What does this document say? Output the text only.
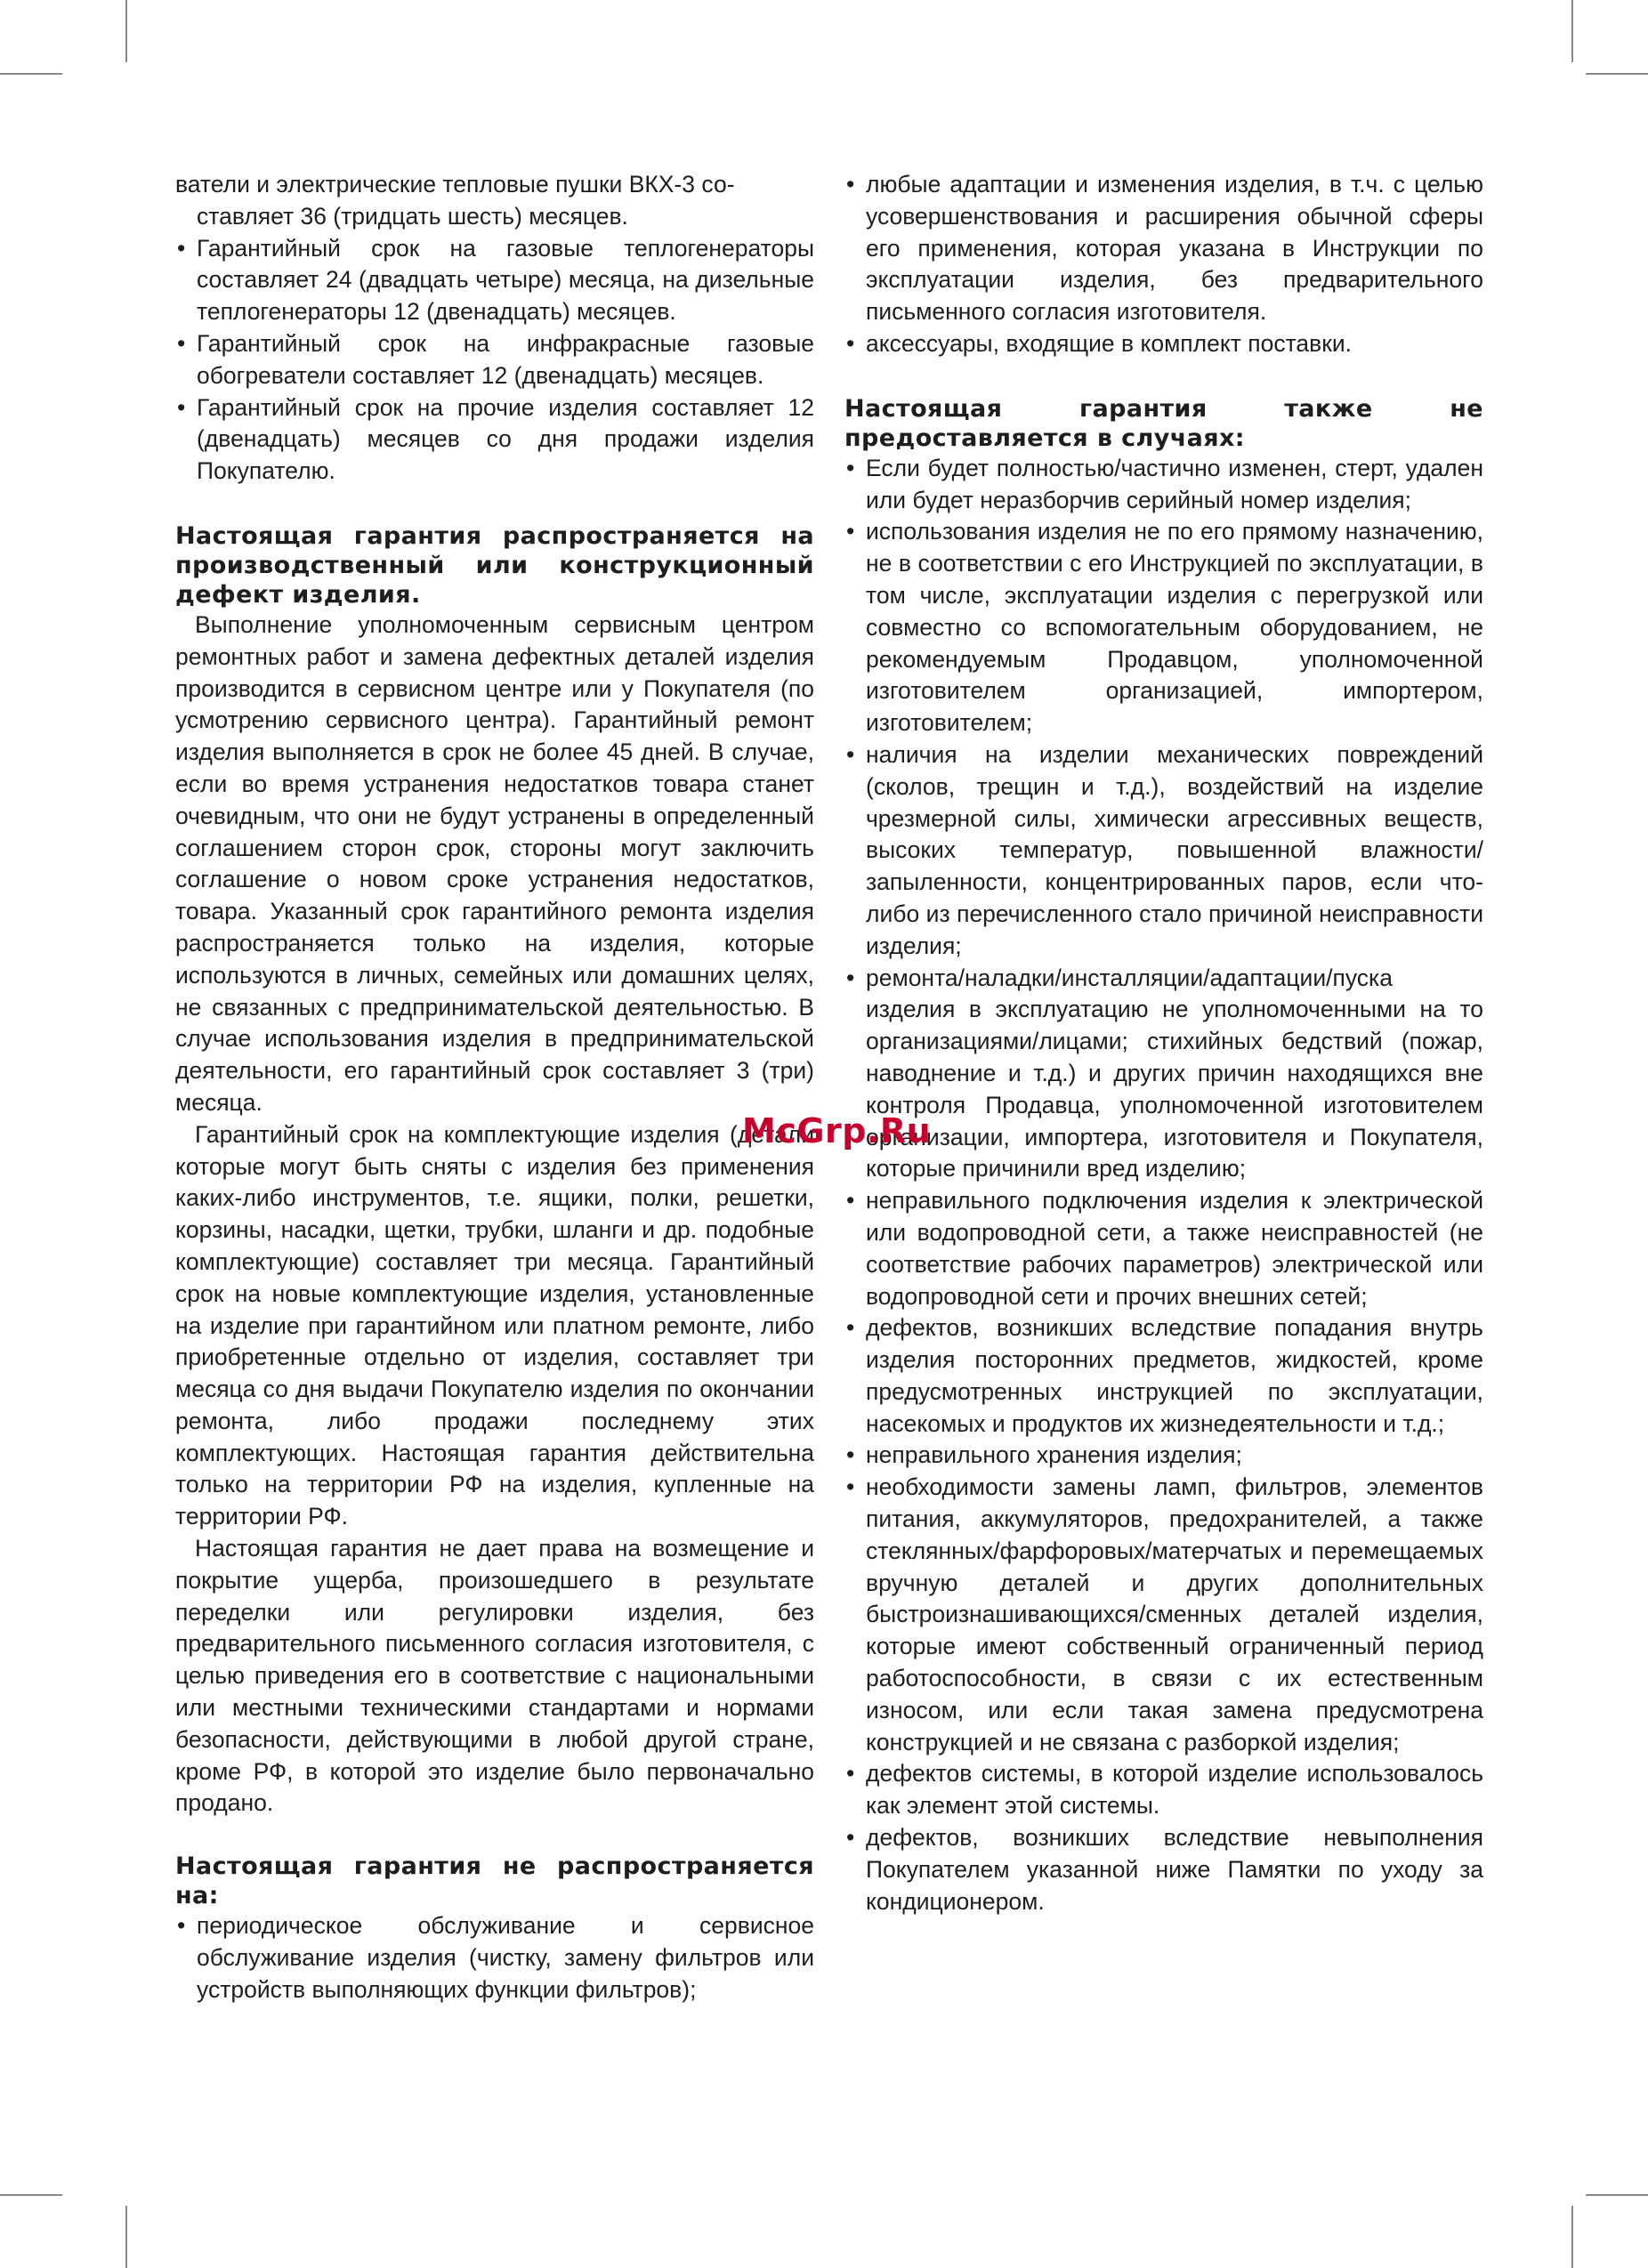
ватели и электрические тепловые пушки ВКХ-3 со-

ставляет 36 (тридцать шесть) месяцев.

• Гарантийный срок на газовые теплогенераторы составляет 24 (двадцать четыре) месяца, на дизельные теплогенераторы 12 (двенадцать) месяцев.
• Гарантийный срок на инфракрасные газовые обогреватели составляет 12 (двенадцать) месяцев.
• Гарантийный срок на прочие изделия составляет 12 (двенадцать) месяцев со дня продажи изделия Покупателю.
Настоящая гарантия распространяется на производственный или конструкционный дефект изделия.

Выполнение уполномоченным сервисным центром ремонтных работ и замена дефектных деталей изделия производится в сервисном центре или у Покупателя (по усмотрению сервисного центра). Гарантийный ремонт изделия выполняется в срок не более 45 дней. В случае, если во время устранения недостатков товара станет очевидным, что они не будут устранены в определенный соглашением сторон срок, стороны могут заключить соглашение о новом сроке устранения недостатков, товара. Указанный срок гарантийного ремонта изделия распространяется только на изделия, которые используются в личных, семейных или домашних целях, не связанных с предпринимательской деятельностью. В случае использования изделия в предпринимательской деятельности, его гарантийный срок составляет 3 (три) месяца.

Гарантийный срок на комплектующие изделия (детали которые могут быть сняты с изделия без применения каких-либо инструментов, т.е. ящики, полки, решетки, корзины, насадки, щетки, трубки, шланги и др. подобные комплектующие) составляет три месяца. Гарантийный срок на новые комплектующие изделия, установленные на изделие при гарантийном или платном ремонте, либо приобретенные отдельно от изделия, составляет три месяца со дня выдачи Покупателю изделия по окончании ремонта, либо продажи последнему этих комплектующих. Настоящая гарантия действительна только на территории РФ на изделия, купленные на территории РФ.

Настоящая гарантия не дает права на возмещение и покрытие ущерба, произошедшего в результате переделки или регулировки изделия, без предварительного письменного согласия изготовителя, с целью приведения его в соответствие с национальными или местными техническими стандартами и нормами безопасности, действующими в любой другой стране, кроме РФ, в которой это изделие было первоначально продано.

Настоящая гарантия не распространяется на:
• периодическое обслуживание и сервисное обслуживание изделия (чистку, замену фильтров или устройств выполняющих функции фильтров);
• любые адаптации и изменения изделия, в т.ч. с целью усовершенствования и расширения обычной сферы его применения, которая указана в Инструкции по эксплуатации изделия, без предварительного письменного согласия изготовителя.
• аксессуары, входящие в комплект поставки.
Настоящая гарантия также не предоставляется в случаях:
• Если будет полностью/частично изменен, стерт, удален или будет неразборчив серийный номер изделия;
• использования изделия не по его прямому назначению, не в соответствии с его Инструкцией по эксплуатации, в том числе, эксплуатации изделия с перегрузкой или совместно со вспомогательным оборудованием, не рекомендуемым Продавцом, уполномоченной изготовителем организацией, импортером, изготовителем;
• наличия на изделии механических повреждений (сколов, трещин и т.д.), воздействий на изделие чрезмерной силы, химически агрессивных веществ, высоких температур, повышенной влажности/запыленности, концентрированных паров, если что-либо из перечисленного стало причиной неисправности изделия;
• ремонта/наладки/инсталляции/адаптации/пуска изделия в эксплуатацию не уполномоченными на то организациями/лицами; стихийных бедствий (пожар, наводнение и т.д.) и других причин находящихся вне контроля Продавца, уполномоченной изготовителем организации, импортера, изготовителя и Покупателя, которые причинили вред изделию;
• неправильного подключения изделия к электрической или водопроводной сети, а также неисправностей (не соответствие рабочих параметров) электрической или водопроводной сети и прочих внешних сетей;
• дефектов, возникших вследствие попадания внутрь изделия посторонних предметов, жидкостей, кроме предусмотренных инструкцией по эксплуатации, насекомых и продуктов их жизнедеятельности и т.д.;
• неправильного хранения изделия;
• необходимости замены ламп, фильтров, элементов питания, аккумуляторов, предохранителей, а также стеклянных/фарфоровых/матерчатых и перемещаемых вручную деталей и других дополнительных быстроизнашивающихся/сменных деталей изделия, которые имеют собственный ограниченный период работоспособности, в связи с их естественным износом, или если такая замена предусмотрена конструкцией и не связана с разборкой изделия;
• дефектов системы, в которой изделие использовалось как элемент этой системы.
• дефектов, возникших вследствие невыполнения Покупателем указанной ниже Памятки по уходу за кондиционером.
McGrp.Ru
